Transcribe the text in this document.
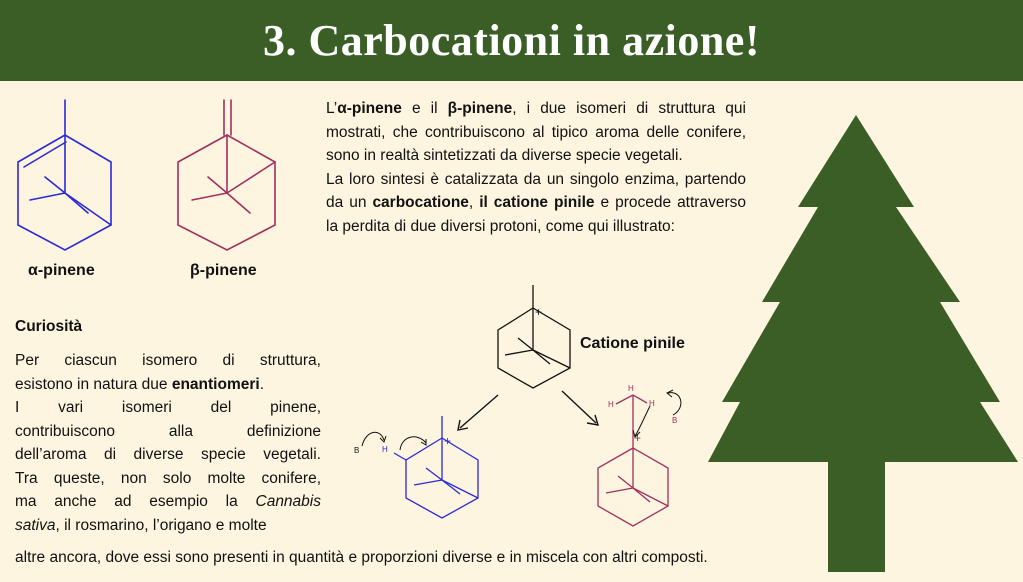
3. Carbocationi in azione!
α-pinene	β-pinene
L’α-pinene e il β-pinene, i due isomeri di struttura qui mostrati, che contribuiscono al tipico aroma delle conifere, sono in realtà sintetizzati da diverse specie vegetali.
La loro sintesi è catalizzata da un singolo enzima, partendo da un carbocatione, il catione pinile e procede attraverso la perdita di due diversi protoni, come qui illustrato:
+
+
H
B
+
H
H	H
B
Catione pinile
Curiosità
Per ciascun isomero di struttura,
esistono in natura due enantiomeri.
I vari isomeri del pinene,
contribuiscono alla definizione
dell’aroma di diverse specie vegetali.
Tra queste, non solo molte conifere,
ma anche ad esempio la Cannabis
sativa, il rosmarino, l’origano e molte
altre ancora, dove essi sono presenti in quantità e proporzioni diverse e in miscela con altri composti.
